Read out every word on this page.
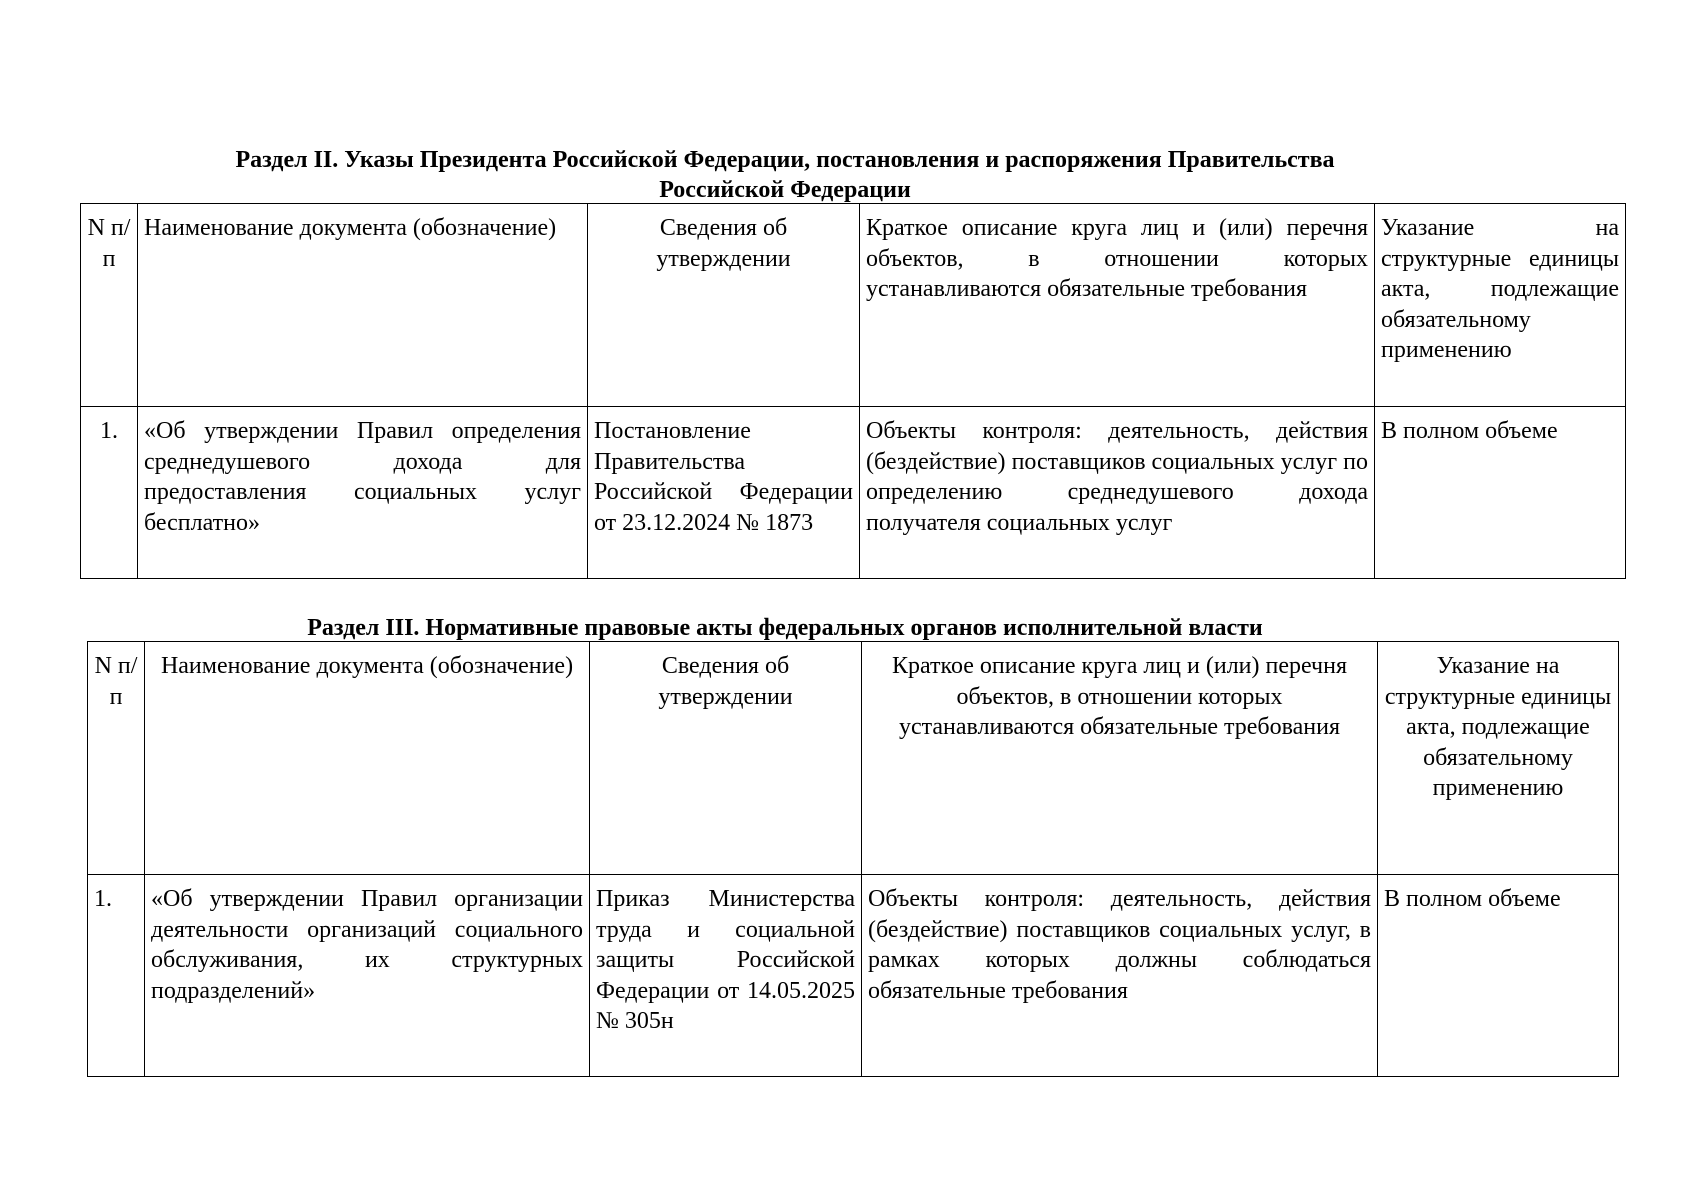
Раздел II. Указы Президента Российской Федерации, постановления и распоряжения Правительства
Российской Федерации
N п/п	Наименование документа (обозначение)	Сведения об утверждении	Краткое описание круга лиц и (или) перечня объектов, в отношении которых устанавливаются обязательные требования	Указание на структурные единицы акта, подлежащие обязательному применению
1.	«Об утверждении Правил определения среднедушевого дохода для предоставления социальных услуг бесплатно»	Постановление Правительства Российской Федерации от 23.12.2024 № 1873	Объекты контроля: деятельность, действия (бездействие) поставщиков социальных услуг по определению среднедушевого дохода получателя социальных услуг	В полном объеме
Раздел III. Нормативные правовые акты федеральных органов исполнительной власти
N п/п	Наименование документа (обозначение)	Сведения об утверждении	Краткое описание круга лиц и (или) перечня объектов, в отношении которых устанавливаются обязательные требования	Указание на структурные единицы акта, подлежащие обязательному применению
1.	«Об утверждении Правил организации деятельности организаций социального обслуживания, их структурных подразделений»	Приказ Министерства труда и социальной защиты Российской Федерации от 14.05.2025 № 305н	Объекты контроля: деятельность, действия (бездействие) поставщиков социальных услуг, в рамках которых должны соблюдаться обязательные требования	В полном объеме
